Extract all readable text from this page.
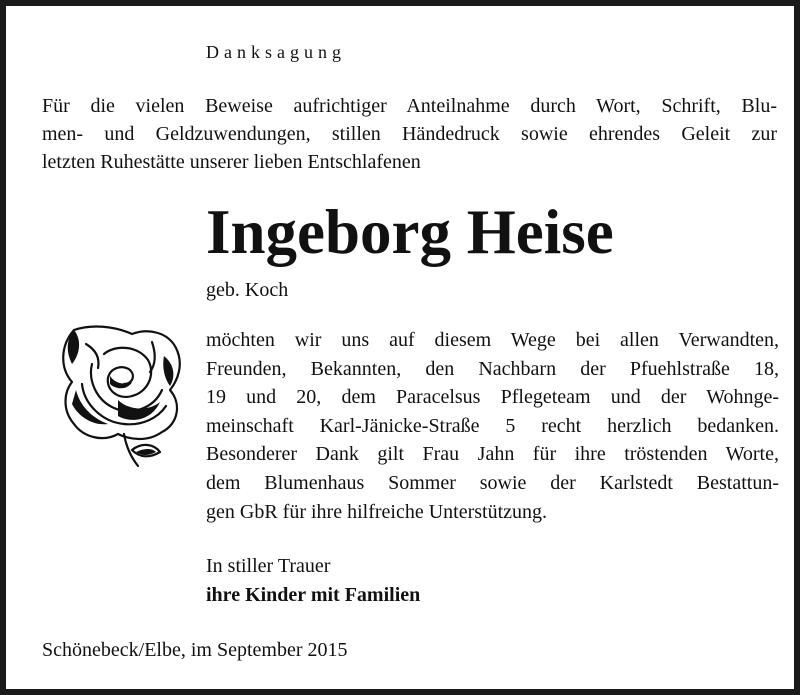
Danksagung

Für die vielen Beweise aufrichtiger Anteilnahme durch Wort, Schrift, Blu-
men- und Geldzuwendungen, stillen Händedruck sowie ehrendes Geleit zur
letzten Ruhestätte unserer lieben Entschlafenen

Ingeborg Heise

geb. Koch

möchten wir uns auf diesem Wege bei allen Verwandten,
Freunden, Bekannten, den Nachbarn der Pfuehlstraße 18,
19 und 20, dem Paracelsus Pflegeteam und der Wohnge-
meinschaft Karl-Jänicke-Straße 5 recht herzlich bedanken.
Besonderer Dank gilt Frau Jahn für ihre tröstenden Worte,
dem Blumenhaus Sommer sowie der Karlstedt Bestattun-
gen GbR für ihre hilfreiche Unterstützung.

In stiller Trauer

ihre Kinder mit Familien

Schönebeck/Elbe, im September 2015
